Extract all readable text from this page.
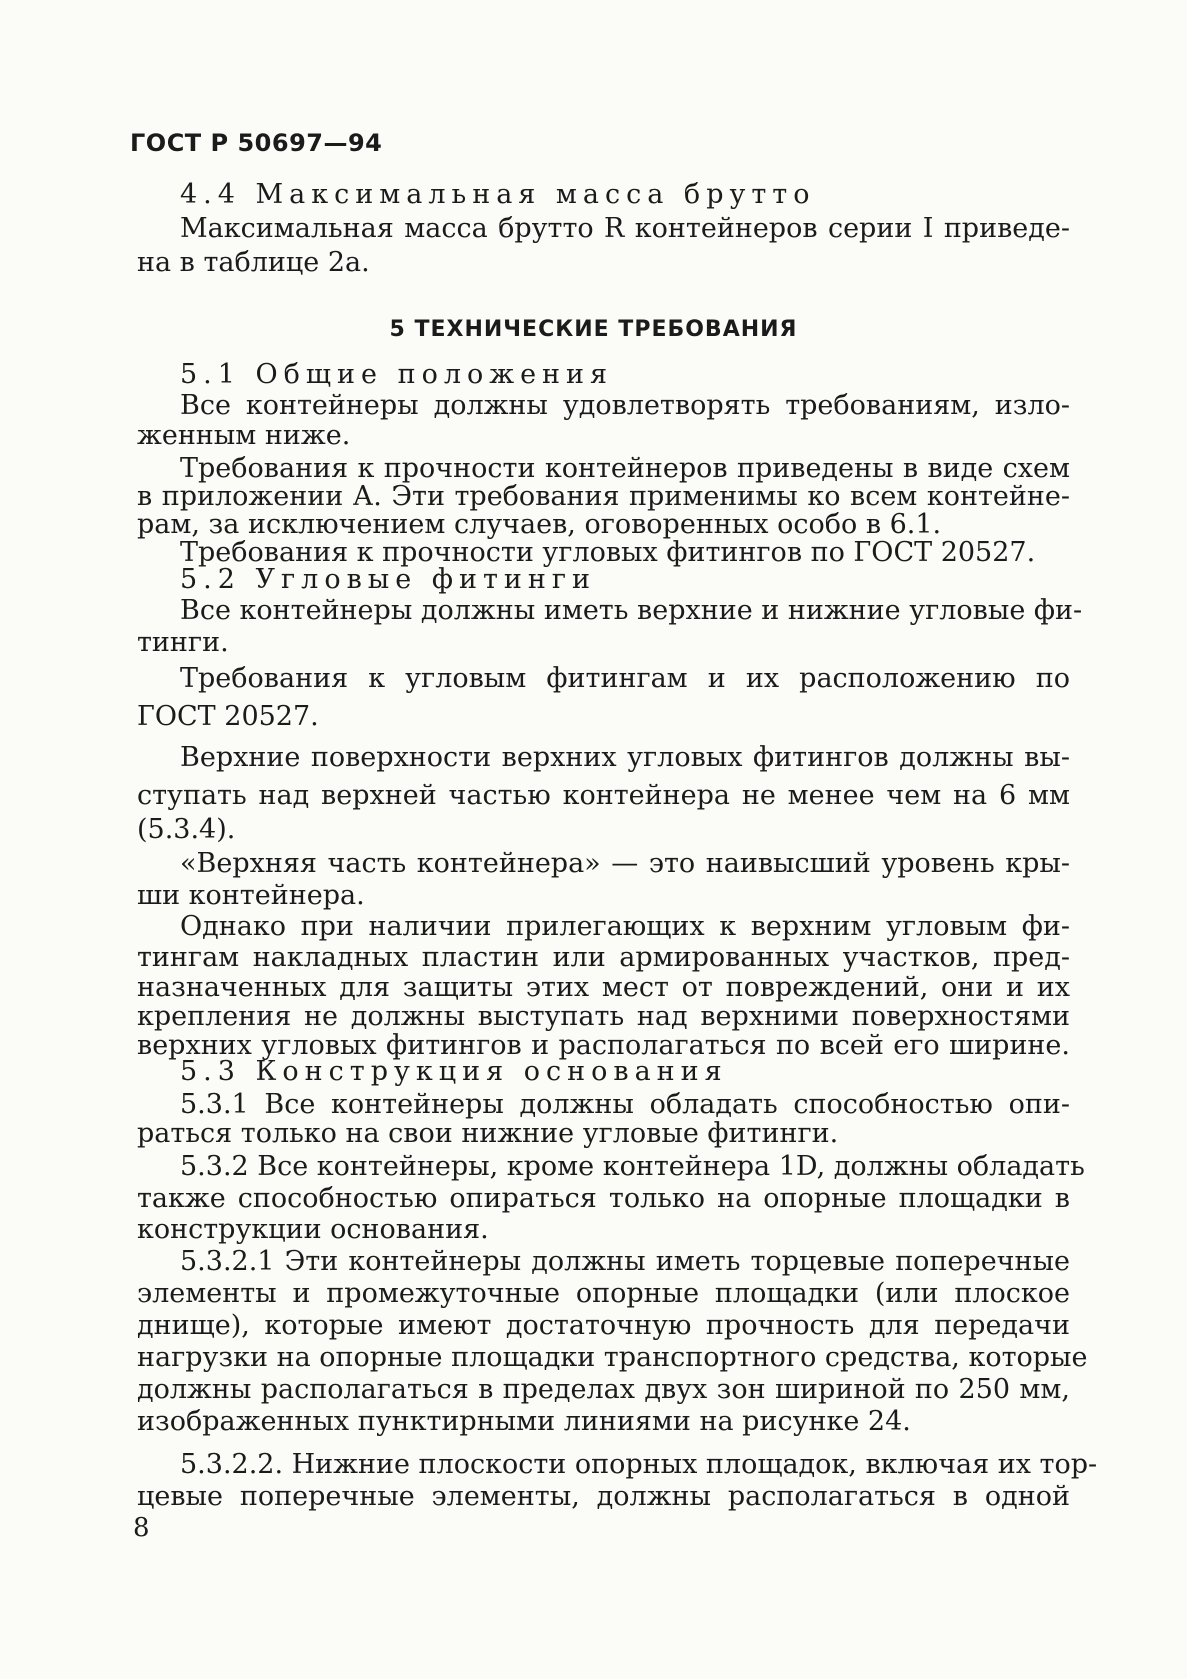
ГОСТ Р 50697—94
4.4 Максимальная масса брутто
Максимальная масса брутто R контейнеров серии I приведе-
на в таблице 2а.
5 ТЕХНИЧЕСКИЕ ТРЕБОВАНИЯ
5.1 Общие положения
Все контейнеры должны удовлетворять требованиям, изло-
женным ниже.
Требования к прочности контейнеров приведены в виде схем
в приложении А. Эти требования применимы ко всем контейне-
рам, за исключением случаев, оговоренных особо в 6.1.
Требования к прочности угловых фитингов по ГОСТ 20527.
5.2 Угловые фитинги
Все контейнеры должны иметь верхние и нижние угловые фи-
тинги.
Требования к угловым фитингам и их расположению по
ГОСТ 20527.
Верхние поверхности верхних угловых фитингов должны вы-
ступать над верхней частью контейнера не менее чем на 6 мм
(5.3.4).
«Верхняя часть контейнера» — это наивысший уровень кры-
ши контейнера.
Однако при наличии прилегающих к верхним угловым фи-
тингам накладных пластин или армированных участков, пред-
назначенных для защиты этих мест от повреждений, они и их
крепления не должны выступать над верхними поверхностями
верхних угловых фитингов и располагаться по всей его ширине.
5.3 Конструкция основания
5.3.1 Все контейнеры должны обладать способностью опи-
раться только на свои нижние угловые фитинги.
5.3.2 Все контейнеры, кроме контейнера 1D, должны обладать
также способностью опираться только на опорные площадки в
конструкции основания.
5.3.2.1 Эти контейнеры должны иметь торцевые поперечные
элементы и промежуточные опорные площадки (или плоское
днище), которые имеют достаточную прочность для передачи
нагрузки на опорные площадки транспортного средства, которые
должны располагаться в пределах двух зон шириной по 250 мм,
изображенных пунктирными линиями на рисунке 24.
5.3.2.2. Нижние плоскости опорных площадок, включая их тор-
цевые поперечные элементы, должны располагаться в одной
8
